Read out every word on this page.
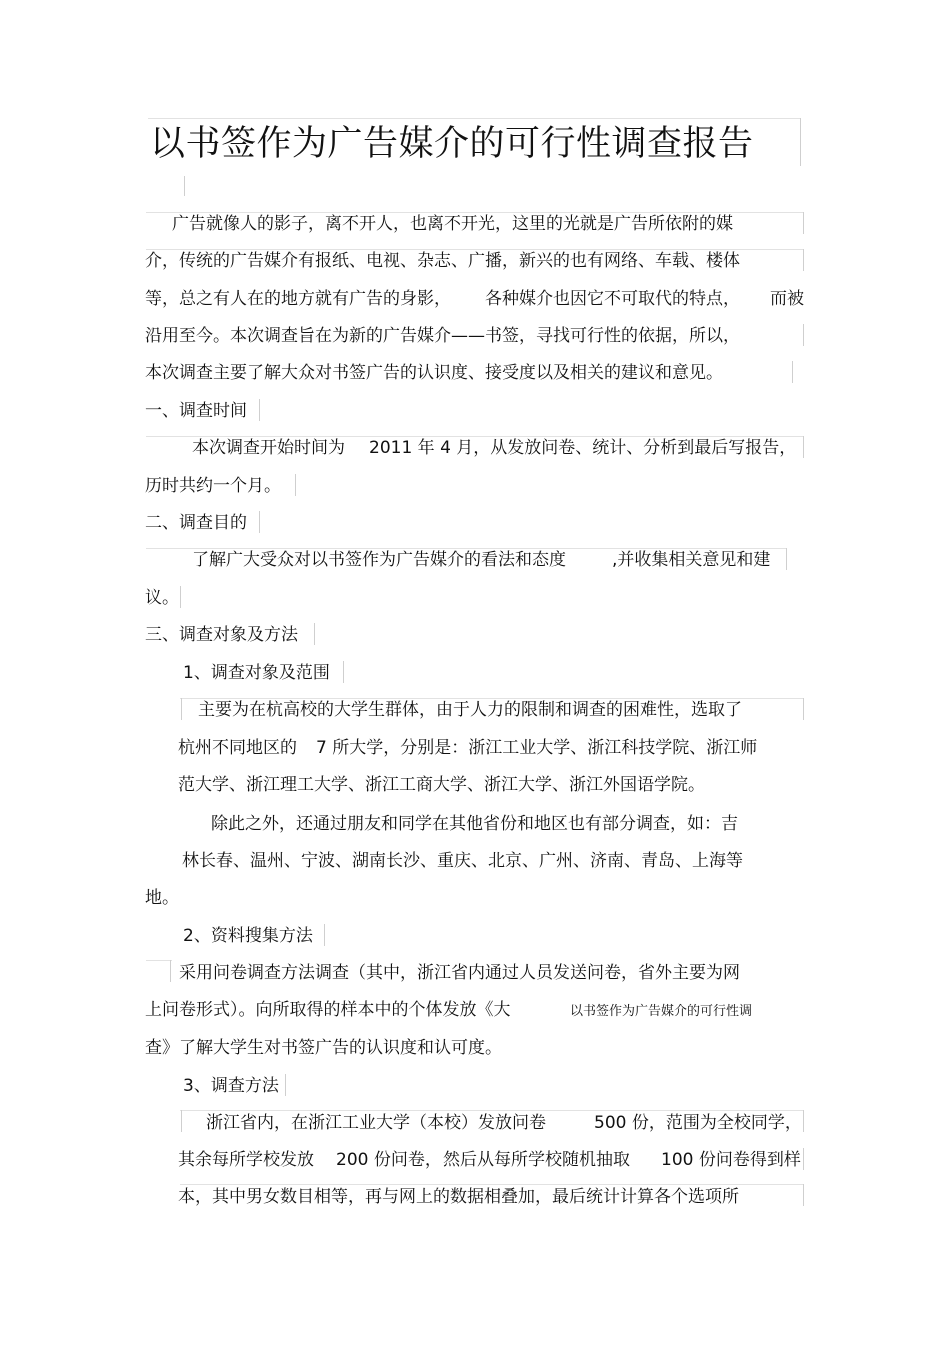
以书签作为广告媒介的可行性调查报告
广告就像人的影子，离不开人，也离不开光，这里的光就是广告所依附的媒
介，传统的广告媒介有报纸、电视、杂志、广播，新兴的也有网络、车载、楼体
等，总之有人在的地方就有广告的身影， 各种媒介也因它不可取代的特点， 而被
沿用至今。本次调查旨在为新的广告媒介——书签，寻找可行性的依据，所以，
本次调查主要了解大众对书签广告的认识度、接受度以及相关的建议和意见。
一、调查时间
本次调查开始时间为 2011 年 4 月，从发放问卷、统计、分析到最后写报告，
历时共约一个月。
二、调查目的
了解广大受众对以书签作为广告媒介的看法和态度	,并收集相关意见和建
议。
三、调查对象及方法
1、调查对象及范围
主要为在杭高校的大学生群体，由于人力的限制和调查的困难性，选取了
杭州不同地区的 7 所大学，分别是：浙江工业大学、浙江科技学院、浙江师
范大学、浙江理工大学、浙江工商大学、浙江大学、浙江外国语学院。
除此之外，还通过朋友和同学在其他省份和地区也有部分调查，如：吉
林长春、温州、宁波、湖南长沙、重庆、北京、广州、济南、青岛、上海等
地。
2、资料搜集方法
采用问卷调查方法调查（其中，浙江省内通过人员发送问卷，省外主要为网
上问卷形式）。向所取得的样本中的个体发放《大	以书签作为广告媒介的可行性调
查》了解大学生对书签广告的认识度和认可度。
3、调查方法
浙江省内，在浙江工业大学（本校）发放问卷	500 份，范围为全校同学，
其余每所学校发放 200 份问卷， 然后从每所学校随机抽取 100 份问卷得到样
本，其中男女数目相等，再与网上的数据相叠加，最后统计计算各个选项所
